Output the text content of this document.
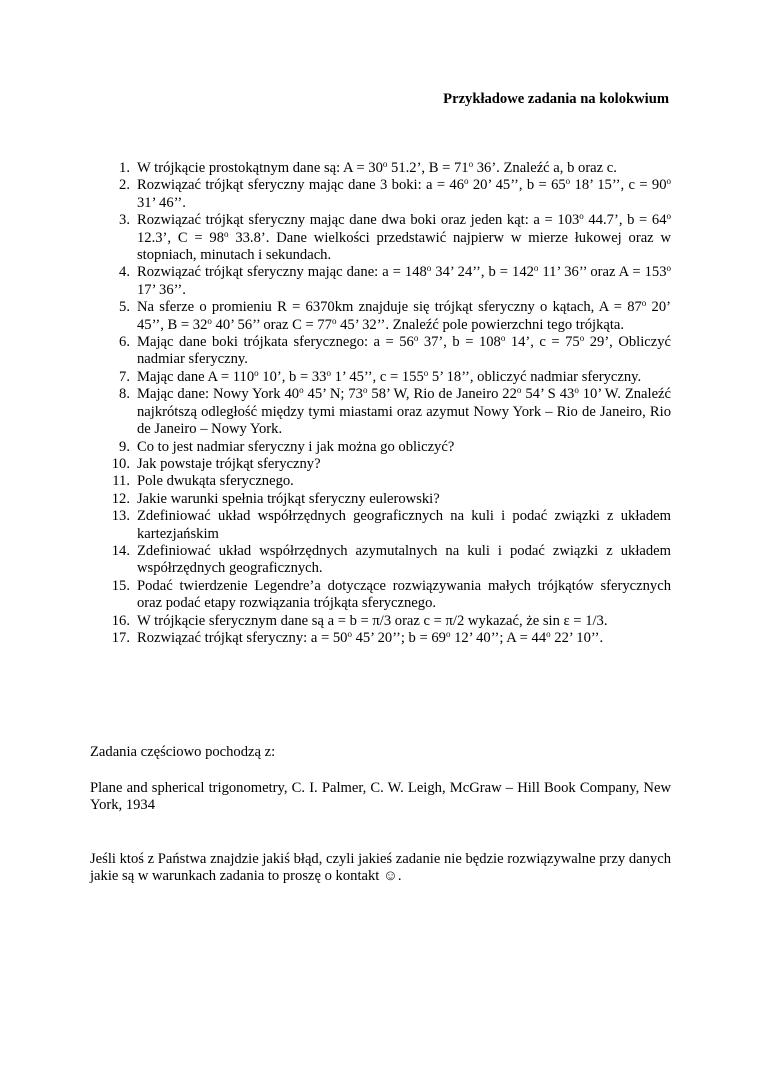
Przykładowe zadania na kolokwium
1. W trójkącie prostokątnym dane są: $A = 30^o$ 51.2’, $B = 71^o$ 36’. Znaleźć a, b oraz c.
2. Rozwiązać trójkąt sferyczny mając dane 3 boki: $a = 46^o$ 20’ 45’’, $b = 65^o$ 18’ 15’’, $c = 90^o$ 31’ 46’’.
3. Rozwiązać trójkąt sferyczny mając dane dwa boki oraz jeden kąt: $a = 103^o$ 44.7’, $b = 64^o$ 12.3’, $C = 98^o$ 33.8’. Dane wielkości przedstawić najpierw w mierze łukowej oraz w stopniach, minutach i sekundach.
4. Rozwiązać trójkąt sferyczny mając dane: $a = 148^o$ 34’ 24’’, $b = 142^o$ 11’ 36’’ oraz $A = 153^o$ 17’ 36’’.
5. Na sferze o promieniu R = 6370km znajduje się trójkąt sferyczny o kątach, $A = 87^o$ 20’ 45’’, $B = 32^o$ 40’ 56’’ oraz $C = 77^o$ 45’ 32’’. Znaleźć pole powierzchni tego trójkąta.
6. Mając dane boki trójkata sferycznego: $a = 56^o$ 37’, $b = 108^o$ 14’, $c = 75^o$ 29’, Obliczyć nadmiar sferyczny.
7. Mając dane $A = 110^o$ 10’, $b = 33^o$ 1’ 45’’, $c = 155^o$ 5’ 18’’, obliczyć nadmiar sferyczny.
8. Mając dane: Nowy York 40$^o$ 45’ N; 73$^o$ 58’ W, Rio de Janeiro 22$^o$ 54’ S 43$^o$ 10’ W. Znaleźć najkrótszą odległość między tymi miastami oraz azymut Nowy York – Rio de Janeiro, Rio de Janeiro – Nowy York.
9. Co to jest nadmiar sferyczny i jak można go obliczyć?
10. Jak powstaje trójkąt sferyczny?
11. Pole dwukąta sferycznego.
12. Jakie warunki spełnia trójkąt sferyczny eulerowski?
13. Zdefiniować układ współrzędnych geograficznych na kuli i podać związki z układem kartezjańskim
14. Zdefiniować układ współrzędnych azymutalnych na kuli i podać związki z układem współrzędnych geograficznych.
15. Podać twierdzenie Legendre’a dotyczące rozwiązywania małych trójkątów sferycznych oraz podać etapy rozwiązania trójkąta sferycznego.
16. W trójkącie sferycznym dane są a = b = π/3 oraz c = π/2 wykazać, że sin ε = 1/3.
17. Rozwiązać trójkąt sferyczny: $a = 50^o$ 45’ 20’’; $b = 69^o$ 12’ 40’’; $A = 44^o$ 22’ 10’’.

Zadania częściowo pochodzą z:

Plane and spherical trigonometry, C. I. Palmer, C. W. Leigh, McGraw – Hill Book Company, New York, 1934

Jeśli ktoś z Państwa znajdzie jakiś błąd, czyli jakieś zadanie nie będzie rozwiązywalne przy danych jakie są w warunkach zadania to proszę o kontakt ☺.
